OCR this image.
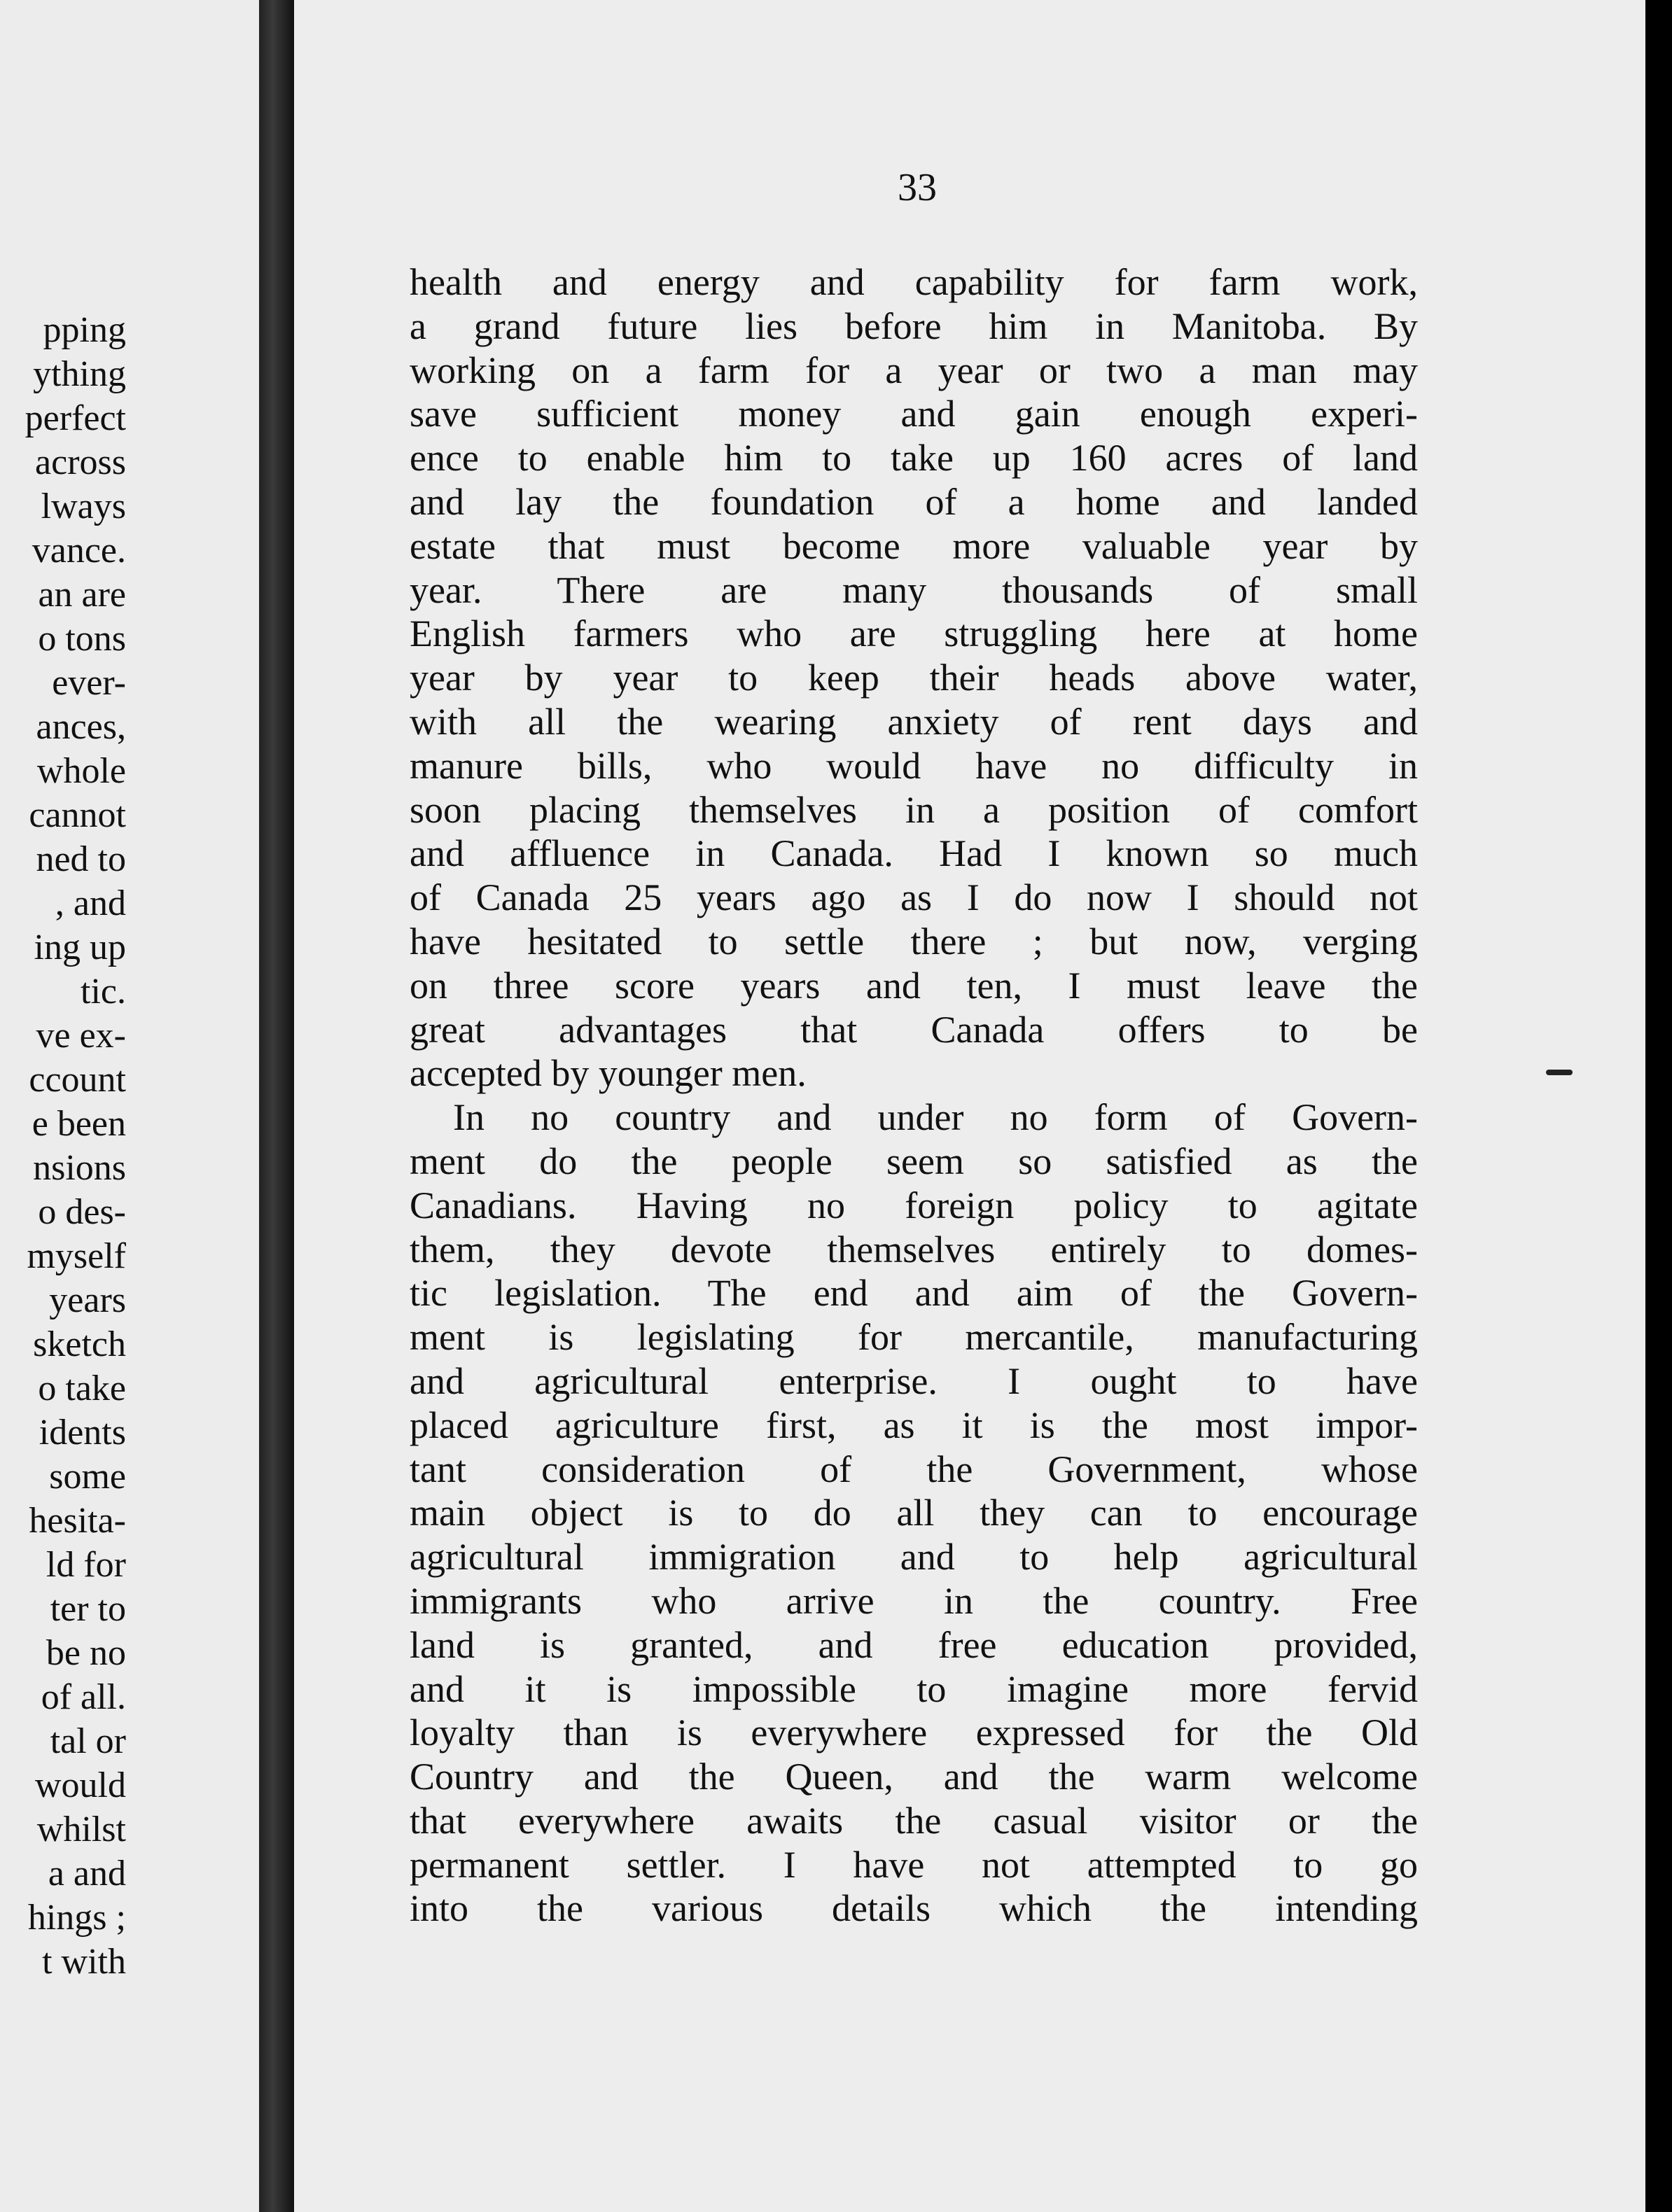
pping
ything
perfect
across
lways
vance.
an are
o tons
ever-
ances,
whole
cannot
ned to
, and
ing up
tic.
ve ex-
ccount
e been
nsions
o des-
myself
years
sketch
o take
idents
some
hesita-
ld for
ter to
be no
of all.
tal or
would
whilst
a and
hings ;
t with
33
health and energy and capability for farm work,
a grand future lies before him in Manitoba. By
working on a farm for a year or two a man may
save sufficient money and gain enough experi-
ence to enable him to take up 160 acres of land
and lay the foundation of a home and landed
estate that must become more valuable year by
year. There are many thousands of small
English farmers who are struggling here at home
year by year to keep their heads above water,
with all the wearing anxiety of rent days and
manure bills, who would have no difficulty in
soon placing themselves in a position of comfort
and affluence in Canada. Had I known so much
of Canada 25 years ago as I do now I should not
have hesitated to settle there ; but now, verging
on three score years and ten, I must leave the
great advantages that Canada offers to be
accepted by younger men.
In no country and under no form of Govern-
ment do the people seem so satisfied as the
Canadians. Having no foreign policy to agitate
them, they devote themselves entirely to domes-
tic legislation. The end and aim of the Govern-
ment is legislating for mercantile, manufacturing
and agricultural enterprise. I ought to have
placed agriculture first, as it is the most impor-
tant consideration of the Government, whose
main object is to do all they can to encourage
agricultural immigration and to help agricultural
immigrants who arrive in the country. Free
land is granted, and free education provided,
and it is impossible to imagine more fervid
loyalty than is everywhere expressed for the Old
Country and the Queen, and the warm welcome
that everywhere awaits the casual visitor or the
permanent settler. I have not attempted to go
into the various details which the intending
